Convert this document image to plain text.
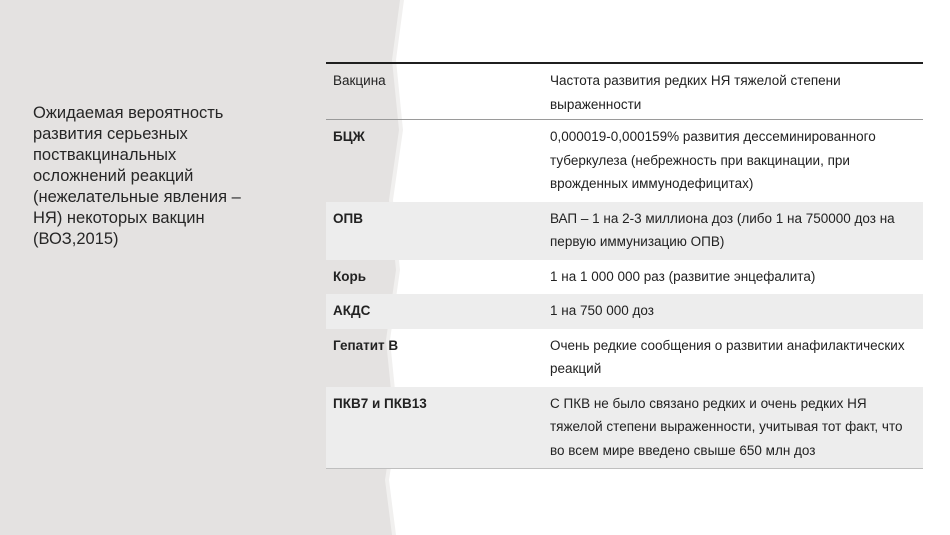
Ожидаемая вероятность развития серьезных поствакцинальных осложнений реакций (нежелательные явления – НЯ) некоторых вакцин (ВОЗ,2015)
Вакцина	Частота развития редких НЯ тяжелой степени выраженности
БЦЖ	0,000019-0,000159% развития дессеминированного туберкулеза (небрежность при вакцинации, при врожденных иммунодефицитах)
ОПВ	ВАП – 1 на 2-3 миллиона доз (либо 1 на 750000 доз на первую иммунизацию ОПВ)
Корь	1 на 1 000 000 раз (развитие энцефалита)
АКДС	1 на 750 000 доз
Гепатит В	Очень редкие сообщения о развитии анафилактических реакций
ПКВ7 и ПКВ13	С ПКВ не было связано редких и очень редких НЯ тяжелой степени выраженности, учитывая тот факт, что во всем мире введено свыше 650 млн доз
